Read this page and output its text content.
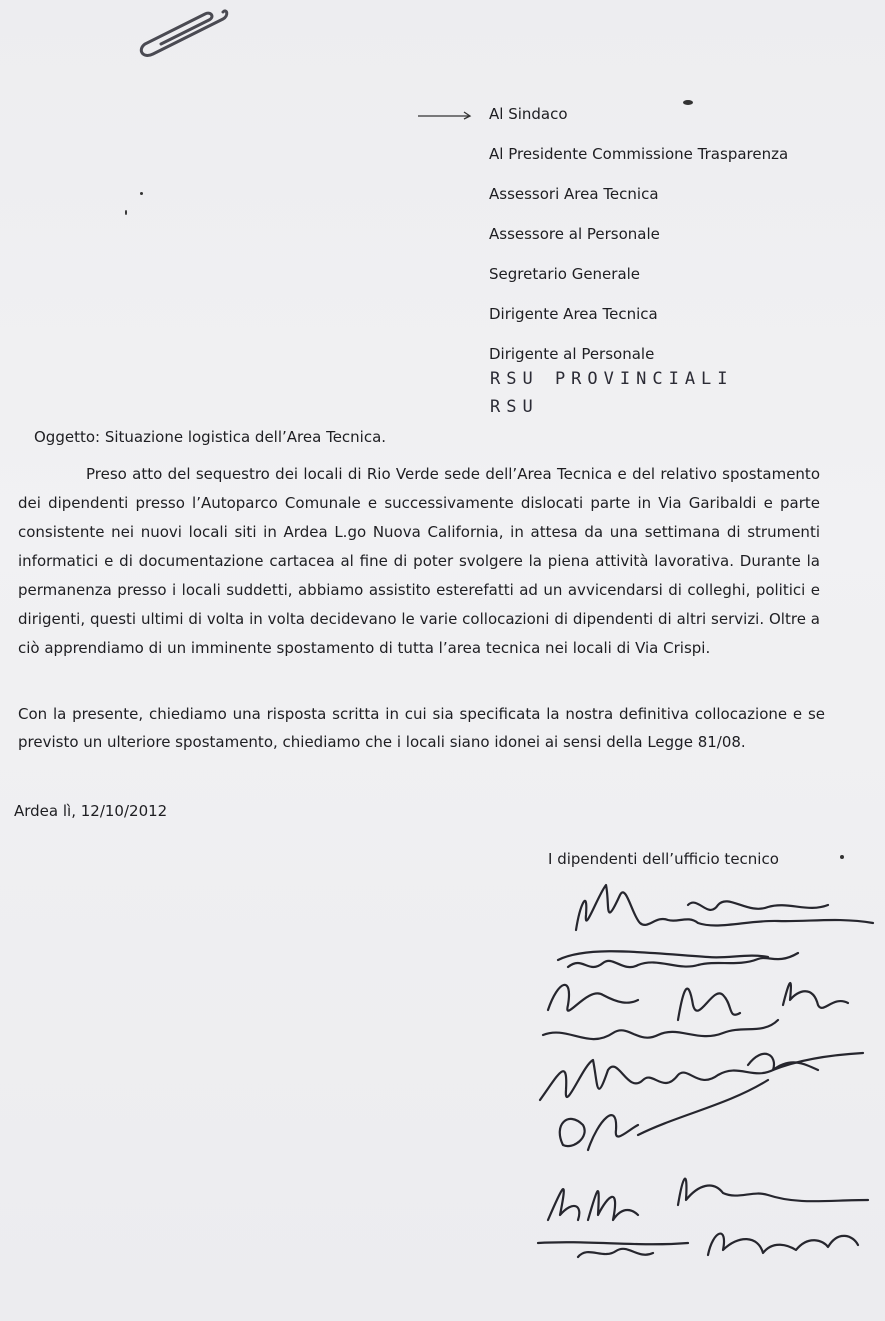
Al Sindaco
Al Presidente Commissione Trasparenza
Assessori Area Tecnica
Assessore al Personale
Segretario Generale
Dirigente Area Tecnica
Dirigente al Personale
RSU PROVINCIALI
RSU
Oggetto: Situazione logistica dell’Area Tecnica.

Preso atto del sequestro dei locali di Rio Verde sede dell’Area Tecnica e del relativo spostamento dei dipendenti presso l’Autoparco Comunale e successivamente dislocati parte in Via Garibaldi e parte consistente nei nuovi locali siti in Ardea L.go Nuova California, in attesa da una settimana di strumenti informatici e di documentazione cartacea al fine di poter svolgere la piena attività lavorativa. Durante la permanenza presso i locali suddetti, abbiamo assistito esterefatti ad un avvicendarsi di colleghi, politici e dirigenti, questi ultimi di volta in volta decidevano le varie collocazioni di dipendenti di altri servizi. Oltre a ciò apprendiamo di un imminente spostamento di tutta l’area tecnica nei locali di Via Crispi.

Con la presente, chiediamo una risposta scritta in cui sia specificata la nostra definitiva collocazione e se previsto un ulteriore spostamento, chiediamo che i locali siano idonei ai sensi della Legge 81/08.

Ardea lì, 12/10/2012
I dipendenti dell’ufficio tecnico
